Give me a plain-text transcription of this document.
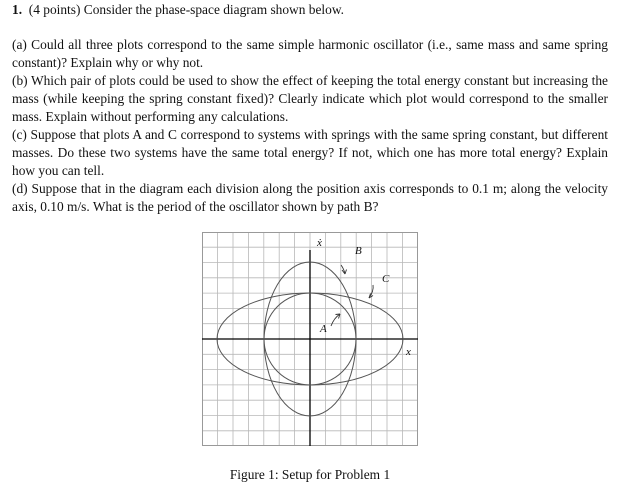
1. (4 points) Consider the phase-space diagram shown below.

(a) Could all three plots correspond to the same simple harmonic oscillator (i.e., same mass and same spring constant)? Explain why or why not.

(b) Which pair of plots could be used to show the effect of keeping the total energy constant but increasing the mass (while keeping the spring constant fixed)? Clearly indicate which plot would correspond to the smaller mass. Explain without performing any calculations.

(c) Suppose that plots A and C correspond to systems with springs with the same spring constant, but different masses. Do these two systems have the same total energy? If not, which one has more total energy? Explain how you can tell.

(d) Suppose that in the diagram each division along the position axis corresponds to 0.1 m; along the velocity axis, 0.10 m/s. What is the period of the oscillator shown by path B?

B
C
A
ẋ
x
Figure 1: Setup for Problem 1
